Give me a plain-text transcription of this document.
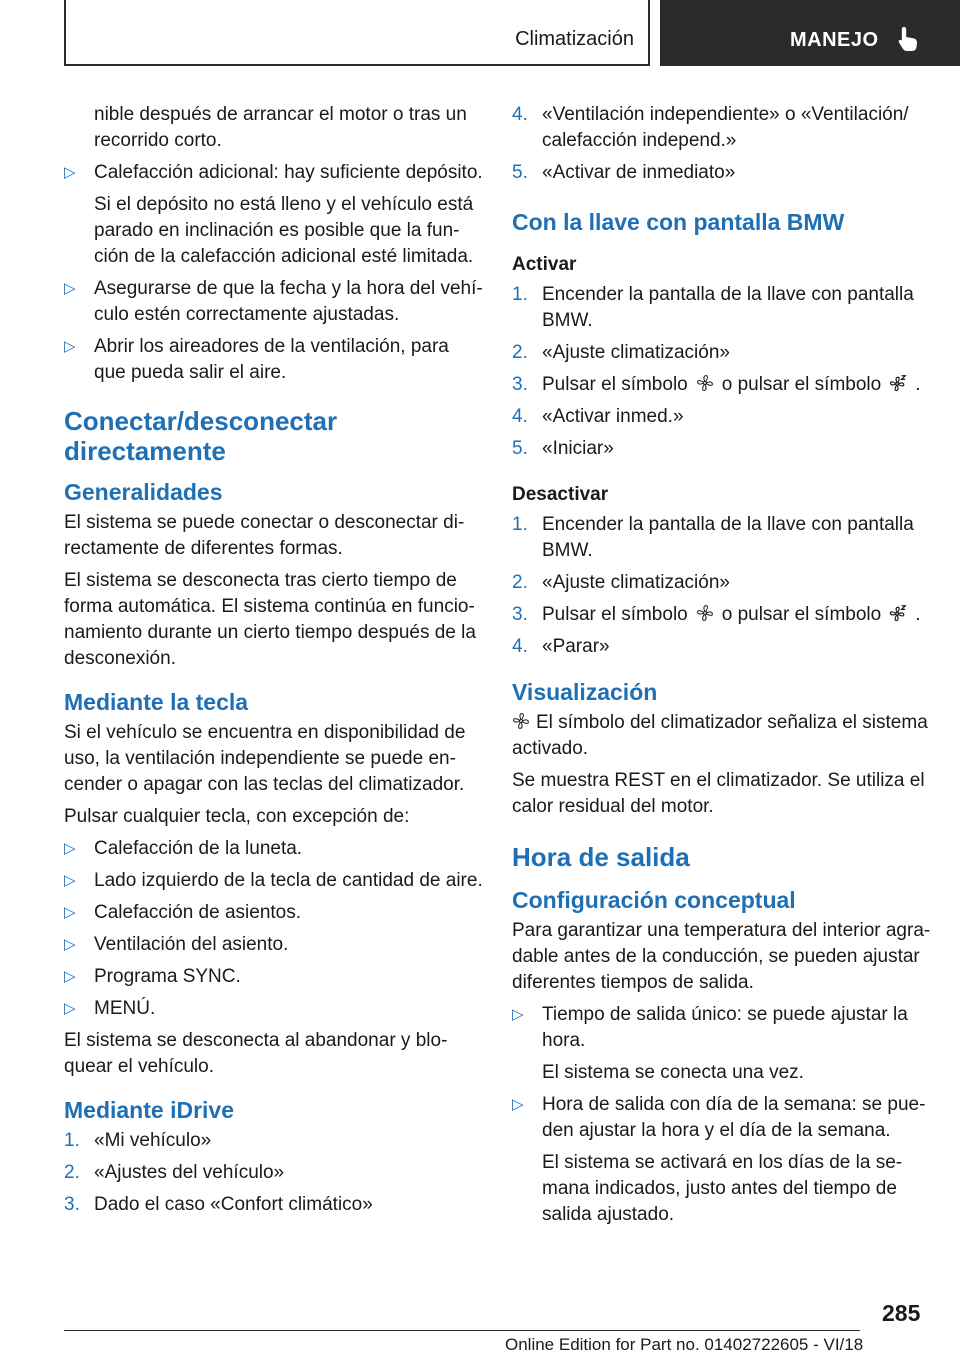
Climatización	MANEJO

nible después de arrancar el motor o tras un recorrido corto.

▷ Calefacción adicional: hay suficiente depósito.
Si el depósito no está lleno y el vehículo está parado en inclinación es posible que la función de la calefacción adicional esté limitada.
▷ Asegurarse de que la fecha y la hora del vehículo estén correctamente ajustadas.
▷ Abrir los aireadores de la ventilación, para que pueda salir el aire.
Conectar/desconectar directamente
Generalidades

El sistema se puede conectar o desconectar directamente de diferentes formas.

El sistema se desconecta tras cierto tiempo de forma automática. El sistema continúa en funcionamiento durante un cierto tiempo después de la desconexión.

Mediante la tecla

Si el vehículo se encuentra en disponibilidad de uso, la ventilación independiente se puede encender o apagar con las teclas del climatizador.

Pulsar cualquier tecla, con excepción de:

▷ Calefacción de la luneta.
▷ Lado izquierdo de la tecla de cantidad de aire.
▷ Calefacción de asientos.
▷ Ventilación del asiento.
▷ Programa SYNC.
▷ MENÚ.

El sistema se desconecta al abandonar y bloquear el vehículo.

Mediante iDrive
1. «Mi vehículo»
2. «Ajustes del vehículo»
3. Dado el caso «Confort climático»
4. «Ventilación independiente» o «Ventilación/ calefacción independ.»
5. «Activar de inmediato»
Con la llave con pantalla BMW
Activar
1. Encender la pantalla de la llave con pantalla BMW.
2. «Ajuste climatización»
3. Pulsar el símbolo o pulsar el símbolo .
4. «Activar inmed.»
5. «Iniciar»
Desactivar
1. Encender la pantalla de la llave con pantalla BMW.
2. «Ajuste climatización»
3. Pulsar el símbolo o pulsar el símbolo .
4. «Parar»
Visualización

El símbolo del climatizador señaliza el sistema activado.

Se muestra REST en el climatizador. Se utiliza el calor residual del motor.

Hora de salida
Configuración conceptual

Para garantizar una temperatura del interior agradable antes de la conducción, se pueden ajustar diferentes tiempos de salida.

▷ Tiempo de salida único: se puede ajustar la hora.
El sistema se conecta una vez.
▷ Hora de salida con día de la semana: se pueden ajustar la hora y el día de la semana.
El sistema se activará en los días de la semana indicados, justo antes del tiempo de salida ajustado.
285
Online Edition for Part no. 01402722605 - VI/18
